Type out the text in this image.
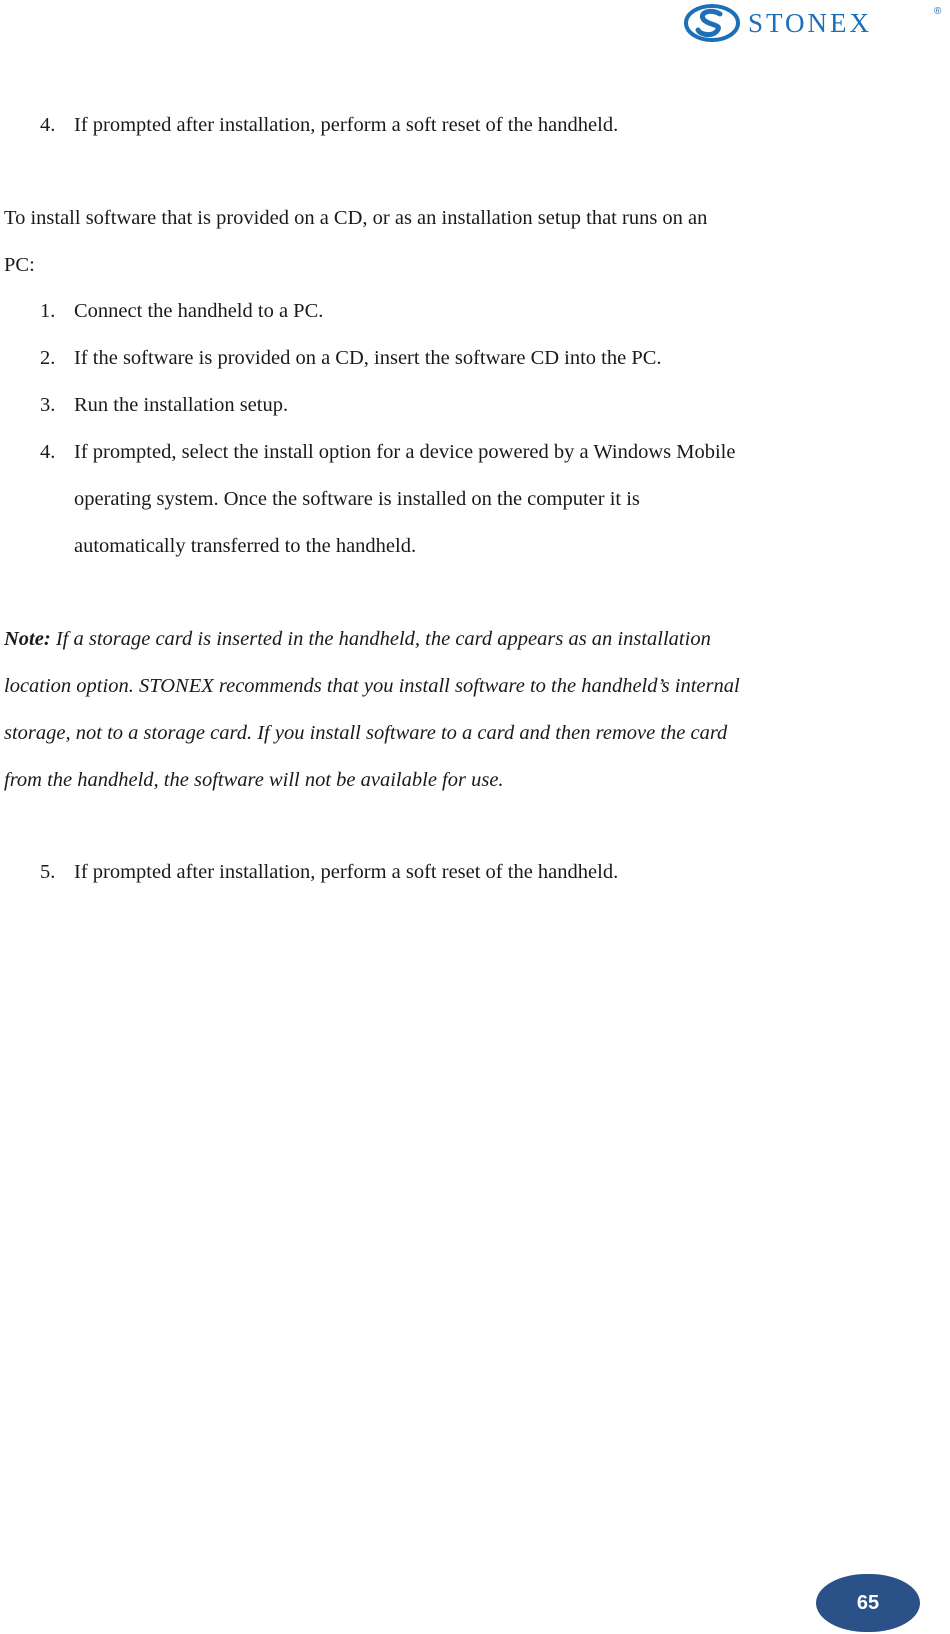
STONEX	®
4. If prompted after installation, perform a soft reset of the handheld.
To install software that is provided on a CD, or as an installation setup that runs on an
PC:
1. Connect the handheld to a PC.
2. If the software is provided on a CD, insert the software CD into the PC.
3. Run the installation setup.
4. If prompted, select the install option for a device powered by a Windows Mobile
operating system. Once the software is installed on the computer it is
automatically transferred to the handheld.
Note: If a storage card is inserted in the handheld, the card appears as an installation
location option. STONEX recommends that you install software to the handheld’s internal
storage, not to a storage card. If you install software to a card and then remove the card
from the handheld, the software will not be available for use.
5. If prompted after installation, perform a soft reset of the handheld.
65
